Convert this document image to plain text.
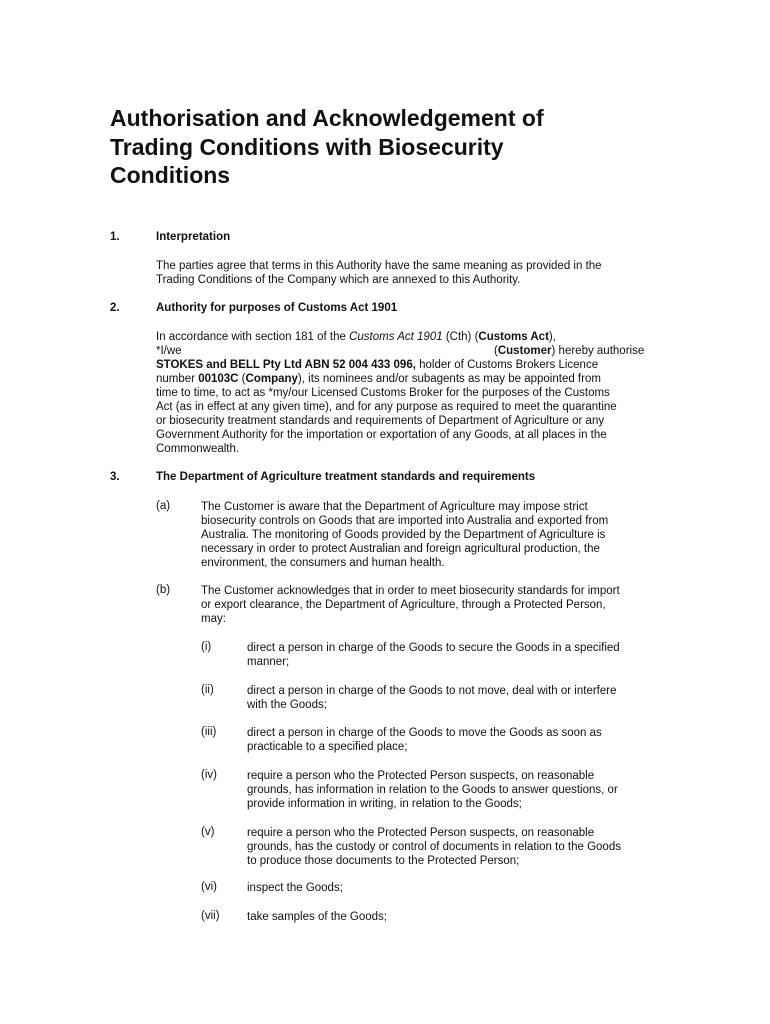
Authorisation and Acknowledgement of
Trading Conditions with Biosecurity
Conditions
1.	Interpretation

The parties agree that terms in this Authority have the same meaning as provided in the
Trading Conditions of the Company which are annexed to this Authority.

2.	Authority for purposes of Customs Act 1901

In accordance with section 181 of the Customs Act 1901 (Cth) (Customs Act),
*I/we	(Customer) hereby authorise
STOKES and BELL Pty Ltd ABN 52 004 433 096, holder of Customs Brokers Licence
number 00103C (Company), its nominees and/or subagents as may be appointed from
time to time, to act as *my/our Licensed Customs Broker for the purposes of the Customs
Act (as in effect at any given time), and for any purpose as required to meet the quarantine
or biosecurity treatment standards and requirements of Department of Agriculture or any
Government Authority for the importation or exportation of any Goods, at all places in the
Commonwealth.

3.	The Department of Agriculture treatment standards and requirements
(a)	The Customer is aware that the Department of Agriculture may impose strict
biosecurity controls on Goods that are imported into Australia and exported from
Australia. The monitoring of Goods provided by the Department of Agriculture is
necessary in order to protect Australian and foreign agricultural production, the
environment, the consumers and human health.
(b)	The Customer acknowledges that in order to meet biosecurity standards for import
or export clearance, the Department of Agriculture, through a Protected Person,
may:
(i)	direct a person in charge of the Goods to secure the Goods in a specified
manner;
(ii)	direct a person in charge of the Goods to not move, deal with or interfere
with the Goods;
(iii)	direct a person in charge of the Goods to move the Goods as soon as
practicable to a specified place;
(iv)	require a person who the Protected Person suspects, on reasonable
grounds, has information in relation to the Goods to answer questions, or
provide information in writing, in relation to the Goods;
(v)	require a person who the Protected Person suspects, on reasonable
grounds, has the custody or control of documents in relation to the Goods
to produce those documents to the Protected Person;
(vi)	inspect the Goods;
(vii) take samples of the Goods;
